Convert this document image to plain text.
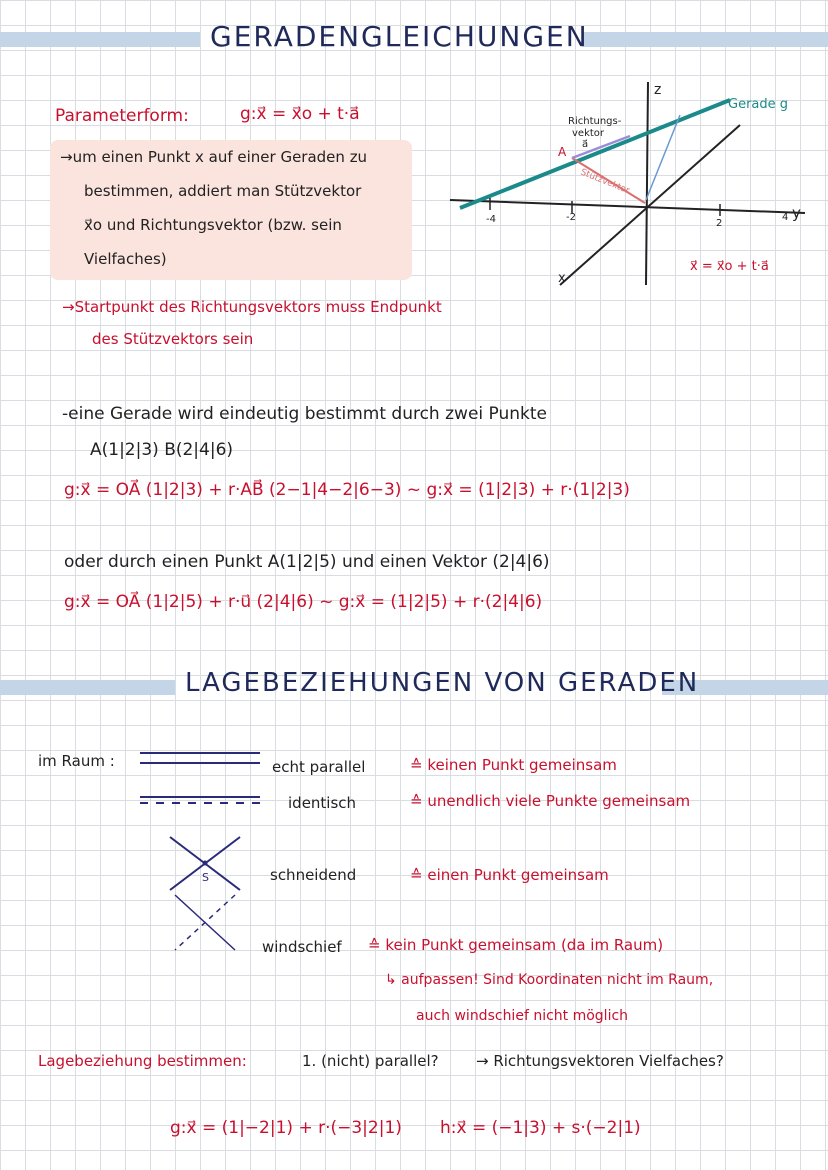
GERADENGLEICHUNGEN
Parameterform:	g:x⃗ = x⃗o + t·a⃗
→um einen Punkt x auf einer Geraden zu
bestimmen, addiert man Stützvektor
x⃗o und Richtungsvektor (bzw. sein
Vielfaches)
→Startpunkt des Richtungsvektors muss Endpunkt
des Stützvektors sein
z
y
x
Gerade g
Richtungs-
vektor
a⃗
Stützvektor
A
-4	-2
2
4
x⃗ = x⃗o + t·a⃗
-eine Gerade wird eindeutig bestimmt durch zwei Punkte
A(1|2|3) B(2|4|6)
g:x⃗ = OA⃗ (1|2|3) + r·AB⃗ (2−1|4−2|6−3) ~ g:x⃗ = (1|2|3) + r·(1|2|3)
oder durch einen Punkt A(1|2|5) und einen Vektor (2|4|6)
g:x⃗ = OA⃗ (1|2|5) + r·u⃗ (2|4|6) ~ g:x⃗ = (1|2|5) + r·(2|4|6)
LAGEBEZIEHUNGEN VON GERADEN
im Raum :
S
echt parallel	≙ keinen Punkt gemeinsam
identisch	≙ unendlich viele Punkte gemeinsam
schneidend	≙ einen Punkt gemeinsam
windschief ≙ kein Punkt gemeinsam (da im Raum)
↳ aufpassen! Sind Koordinaten nicht im Raum,
auch windschief nicht möglich
Lagebeziehung bestimmen:	1. (nicht) parallel? → Richtungsvektoren Vielfaches?
g:x⃗ = (1|−2|1) + r·(−3|2|1) h:x⃗ = (−1|3) + s·(−2|1)
